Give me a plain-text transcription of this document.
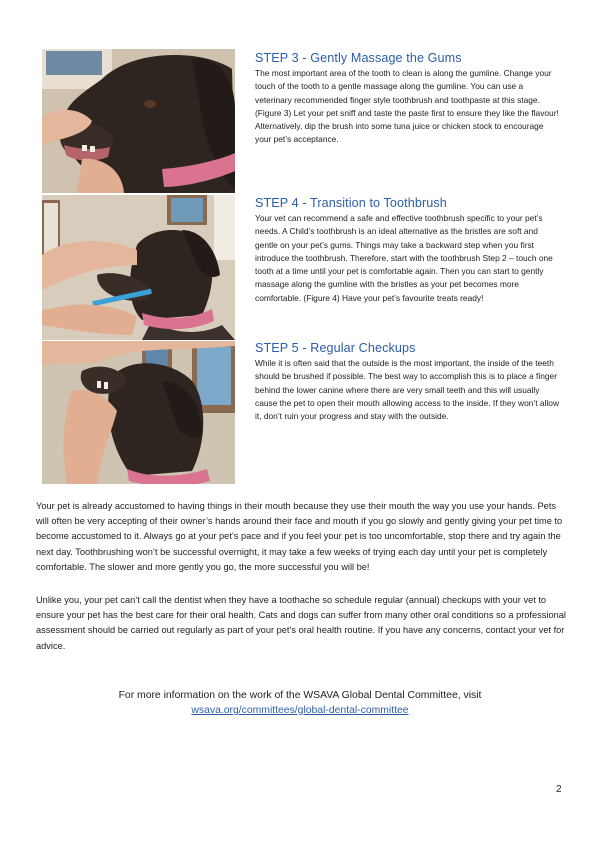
STEP 3 - Gently Massage the Gums

The most important area of the tooth to clean is along the gumline. Change your touch of the tooth to a gentle massage along the gumline. You can use a veterinary recommended finger style toothbrush and toothpaste at this stage. (Figure 3) Let your pet sniff and taste the paste first to ensure they like the flavour! Alternatively, dip the brush into some tuna juice or chicken stock to encourage your pet’s acceptance.

STEP 4 - Transition to Toothbrush

Your vet can recommend a safe and effective toothbrush specific to your pet’s needs. A Child’s toothbrush is an ideal alternative as the bristles are soft and gentle on your pet’s gums. Things may take a backward step when you first introduce the toothbrush. Therefore, start with the toothbrush Step 2 – touch one tooth at a time until your pet is comfortable again. Then you can start to gently massage along the gumline with the bristles as your pet becomes more comfortable. (Figure 4) Have your pet’s favourite treats ready!

STEP 5 - Regular Checkups

While it is often said that the outside is the most important, the inside of the teeth should be brushed if possible. The best way to accomplish this is to place a finger behind the lower canine where there are very small teeth and this will usually cause the pet to open their mouth allowing access to the inside. If they won’t allow it, don’t ruin your progress and stay with the outside.

Your pet is already accustomed to having things in their mouth because they use their mouth the way you use your hands. Pets will often be very accepting of their owner’s hands around their face and mouth if you go slowly and gently giving your pet time to become accustomed to it. Always go at your pet’s pace and if you feel your pet is too uncomfortable, stop there and try again the next day. Toothbrushing won’t be successful overnight, it may take a few weeks of trying each day until your pet is completely comfortable. The slower and more gently you go, the more successful you will be!

Unlike you, your pet can’t call the dentist when they have a toothache so schedule regular (annual) checkups with your vet to ensure your pet has the best care for their oral health. Cats and dogs can suffer from many other oral conditions so a professional assessment should be carried out regularly as part of your pet’s oral health routine. If you have any concerns, contact your vet for advice.

For more information on the work of the WSAVA Global Dental Committee, visit
wsava.org/committees/global-dental-committee
2
